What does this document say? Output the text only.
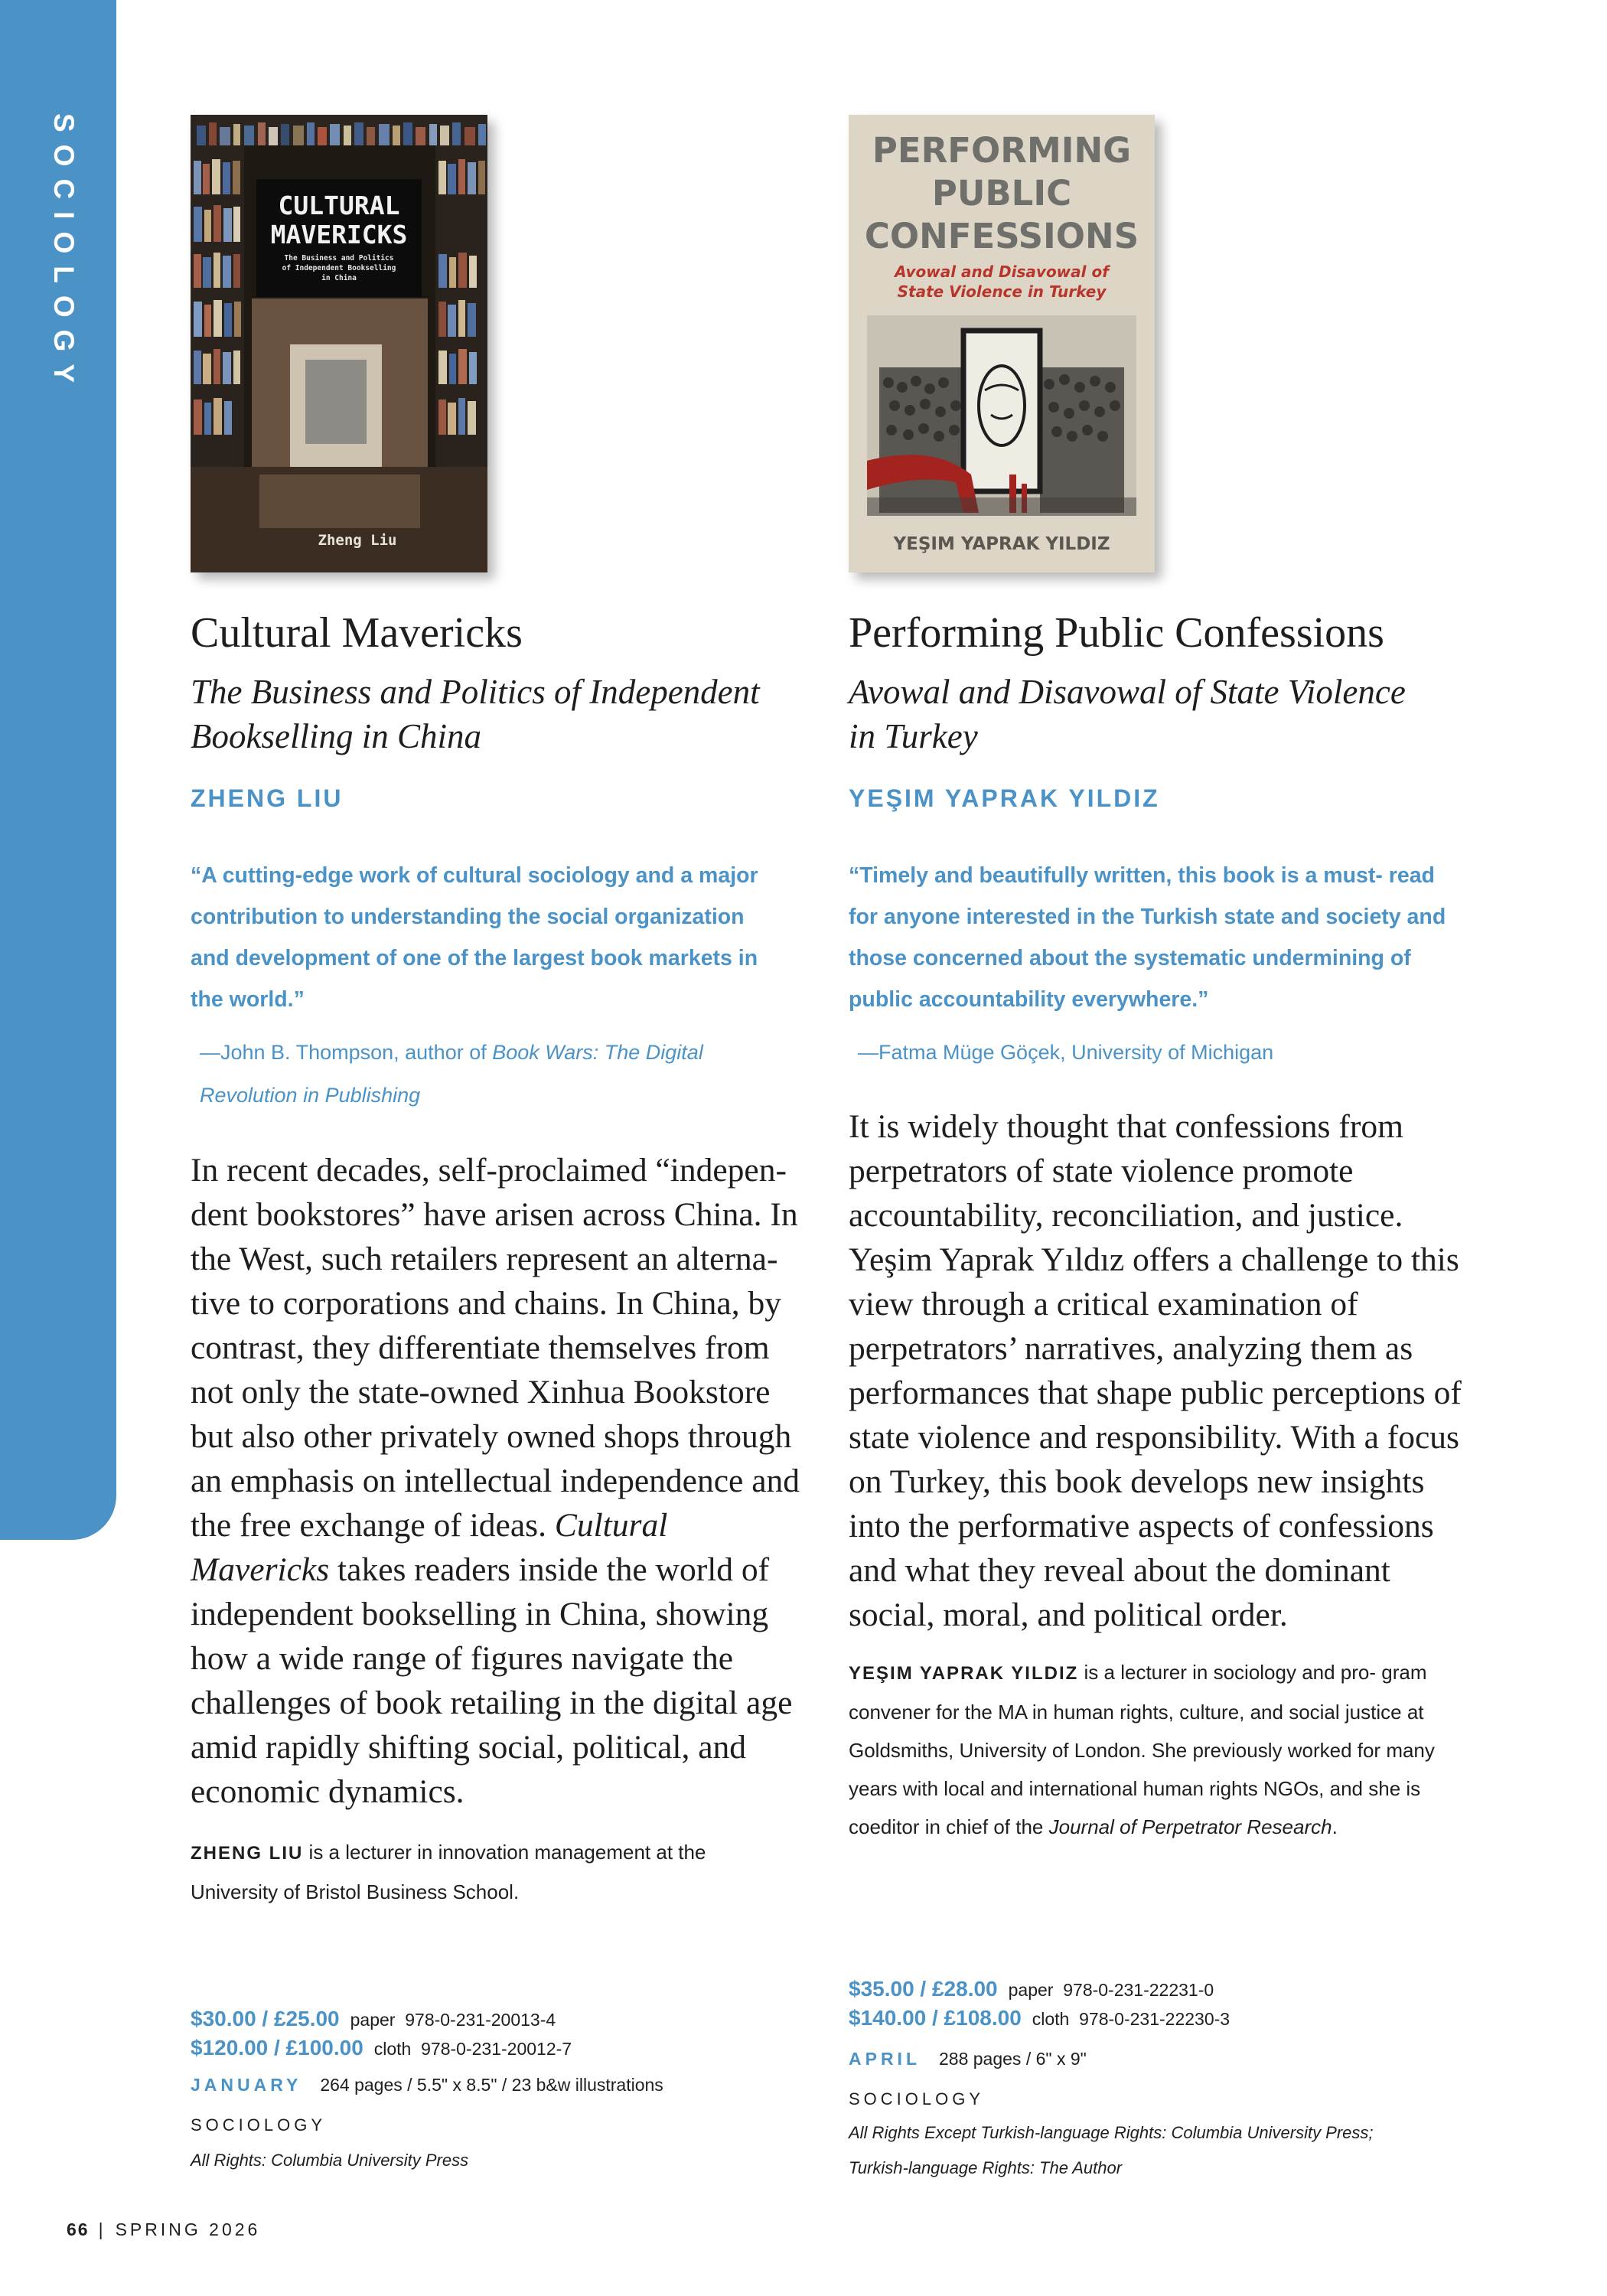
SOCIOLOGY	CULTURAL
MAVERICKS
The Business and Politics
of Independent Bookselling
in China
Zheng Liu
Cultural Mavericks
The Business and Politics of Independent
Bookselling in China
ZHENG LIU
“A cutting-edge work of cultural sociology and a major contribution to understanding the social organization and development of one of the largest book markets in the world.”
—John B. Thompson, author of Book Wars: The Digital Revolution in Publishing
In recent decades, self-proclaimed “indepen- dent bookstores” have arisen across China. In the West, such retailers represent an alterna- tive to corporations and chains. In China, by contrast, they differentiate themselves from not only the state-owned Xinhua Bookstore but also other privately owned shops through an emphasis on intellectual independence and the free exchange of ideas. Cultural Mavericks takes readers inside the world of independent bookselling in China, showing how a wide range of figures navigate the challenges of book retailing in the digital age amid rapidly shifting social, political, and economic dynamics.
ZHENG LIU is a lecturer in innovation management at the University of Bristol Business School.
$30.00 / £25.00 paper 978-0-231-20013-4
$120.00 / £100.00 cloth 978-0-231-20012-7
JANUARY 264 pages / 5.5" x 8.5" / 23 b&w illustrations
SOCIOLOGY
All Rights: Columbia University Press
PERFORMING
PUBLIC
CONFESSIONS
Avowal and Disavowal of
State Violence in Turkey
YEŞIM YAPRAK YILDIZ
Performing Public Confessions
Avowal and Disavowal of State Violence
in Turkey
YEŞIM YAPRAK YILDIZ
“Timely and beautifully written, this book is a must- read for anyone interested in the Turkish state and society and those concerned about the systematic undermining of public accountability everywhere.”
—Fatma Müge Göçek, University of Michigan
It is widely thought that confessions from perpetrators of state violence promote accountability, reconciliation, and justice. Yeşim Yaprak Yıldız offers a challenge to this view through a critical examination of perpetrators’ narratives, analyzing them as performances that shape public perceptions of state violence and responsibility. With a focus on Turkey, this book develops new insights into the performative aspects of confessions and what they reveal about the dominant social, moral, and political order.
YEŞIM YAPRAK YILDIZ is a lecturer in sociology and pro- gram convener for the MA in human rights, culture, and social justice at Goldsmiths, University of London. She previously worked for many years with local and international human rights NGOs, and she is coeditor in chief of the Journal of Perpetrator Research.
$35.00 / £28.00 paper 978-0-231-22231-0
$140.00 / £108.00 cloth 978-0-231-22230-3
APRIL 288 pages / 6" x 9"
SOCIOLOGY
All Rights Except Turkish-language Rights: Columbia University Press; Turkish-language Rights: The Author
66 | SPRING 2026
